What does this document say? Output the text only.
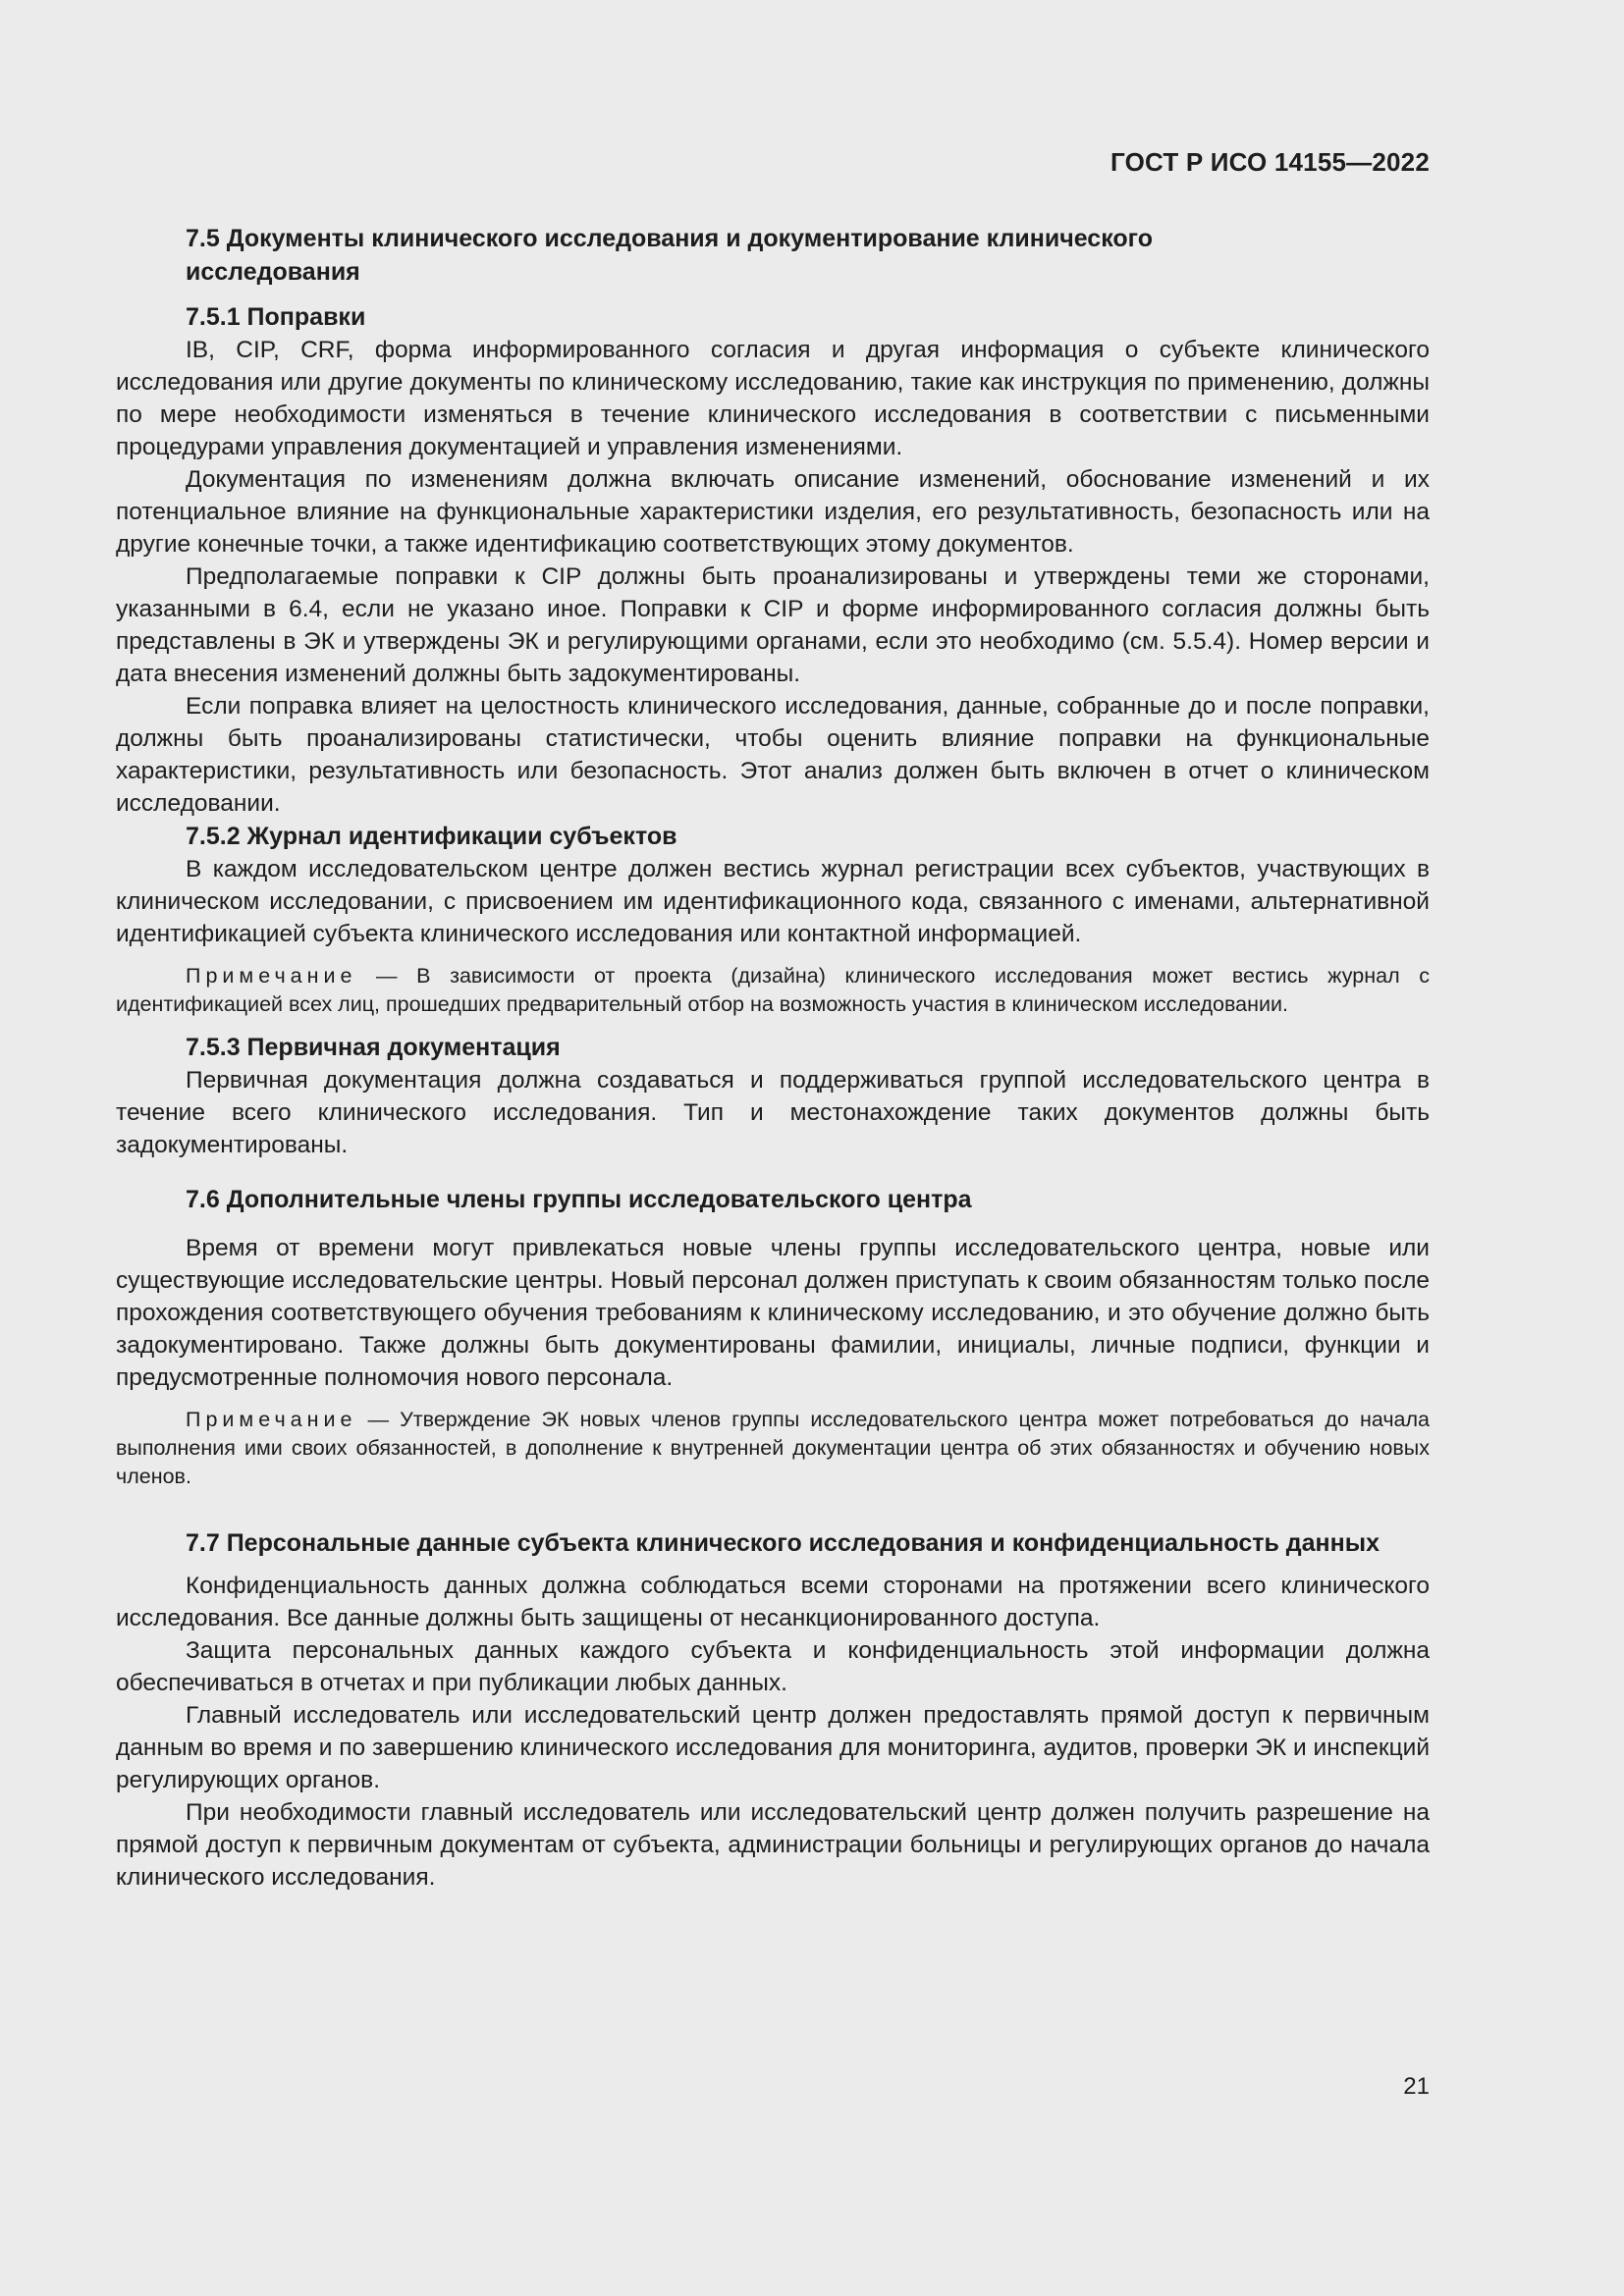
ГОСТ Р ИСО 14155—2022
7.5 Документы клинического исследования и документирование клинического исследования
7.5.1 Поправки

IB, CIP, CRF, форма информированного согласия и другая информация о субъекте клинического исследования или другие документы по клиническому исследованию, такие как инструкция по применению, должны по мере необходимости изменяться в течение клинического исследования в соответствии с письменными процедурами управления документацией и управления изменениями.

Документация по изменениям должна включать описание изменений, обоснование изменений и их потенциальное влияние на функциональные характеристики изделия, его результативность, безопасность или на другие конечные точки, а также идентификацию соответствующих этому документов.

Предполагаемые поправки к CIP должны быть проанализированы и утверждены теми же сторонами, указанными в 6.4, если не указано иное. Поправки к CIP и форме информированного согласия должны быть представлены в ЭК и утверждены ЭК и регулирующими органами, если это необходимо (см. 5.5.4). Номер версии и дата внесения изменений должны быть задокументированы.

Если поправка влияет на целостность клинического исследования, данные, собранные до и после поправки, должны быть проанализированы статистически, чтобы оценить влияние поправки на функциональные характеристики, результативность или безопасность. Этот анализ должен быть включен в отчет о клиническом исследовании.

7.5.2 Журнал идентификации субъектов

В каждом исследовательском центре должен вестись журнал регистрации всех субъектов, участвующих в клиническом исследовании, с присвоением им идентификационного кода, связанного с именами, альтернативной идентификацией субъекта клинического исследования или контактной информацией.

Примечание — В зависимости от проекта (дизайна) клинического исследования может вестись журнал с идентификацией всех лиц, прошедших предварительный отбор на возможность участия в клиническом исследовании.

7.5.3 Первичная документация

Первичная документация должна создаваться и поддерживаться группой исследовательского центра в течение всего клинического исследования. Тип и местонахождение таких документов должны быть задокументированы.

7.6 Дополнительные члены группы исследовательского центра

Время от времени могут привлекаться новые члены группы исследовательского центра, новые или существующие исследовательские центры. Новый персонал должен приступать к своим обязанностям только после прохождения соответствующего обучения требованиям к клиническому исследованию, и это обучение должно быть задокументировано. Также должны быть документированы фамилии, инициалы, личные подписи, функции и предусмотренные полномочия нового персонала.

Примечание — Утверждение ЭК новых членов группы исследовательского центра может потребоваться до начала выполнения ими своих обязанностей, в дополнение к внутренней документации центра об этих обязанностях и обучению новых членов.

7.7 Персональные данные субъекта клинического исследования и конфиденциальность данных

Конфиденциальность данных должна соблюдаться всеми сторонами на протяжении всего клинического исследования. Все данные должны быть защищены от несанкционированного доступа.

Защита персональных данных каждого субъекта и конфиденциальность этой информации должна обеспечиваться в отчетах и при публикации любых данных.

Главный исследователь или исследовательский центр должен предоставлять прямой доступ к первичным данным во время и по завершению клинического исследования для мониторинга, аудитов, проверки ЭК и инспекций регулирующих органов.

При необходимости главный исследователь или исследовательский центр должен получить разрешение на прямой доступ к первичным документам от субъекта, администрации больницы и регулирующих органов до начала клинического исследования.

21
